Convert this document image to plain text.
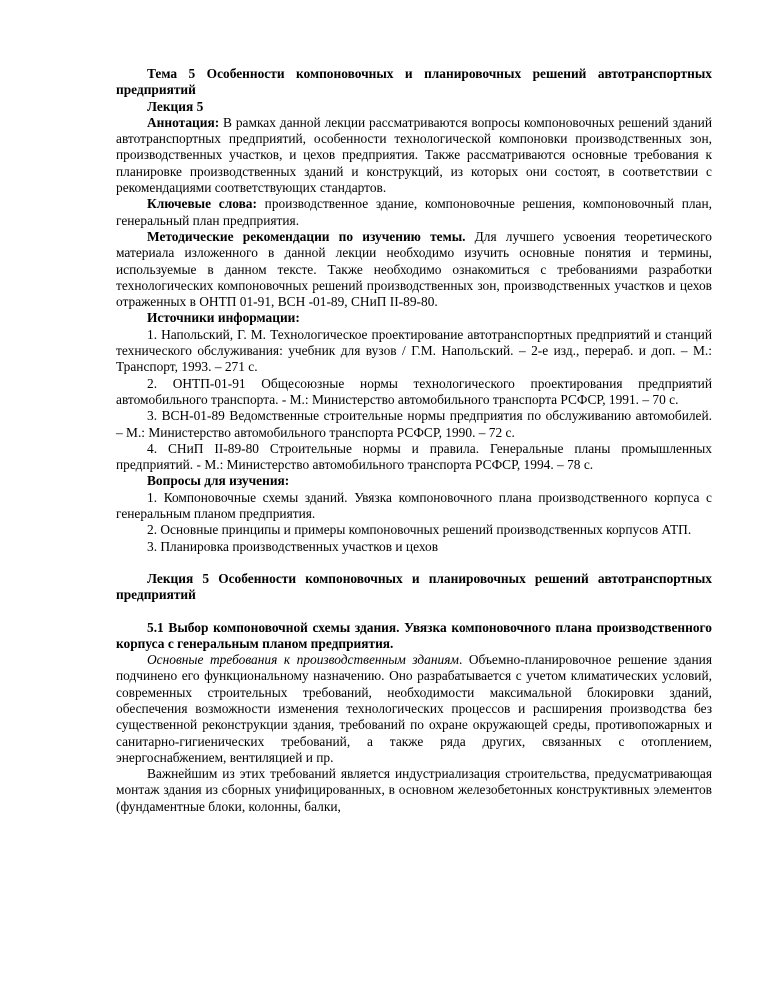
Тема 5 Особенности компоновочных и планировочных решений автотранспортных предприятий

Лекция 5

Аннотация: В рамках данной лекции рассматриваются вопросы компоновочных решений зданий автотранспортных предприятий, особенности технологической компоновки производственных зон, производственных участков, и цехов предприятия. Также рассматриваются основные требования к планировке производственных зданий и конструкций, из которых они состоят, в соответствии с рекомендациями соответствующих стандартов.

Ключевые слова: производственное здание, компоновочные решения, компоновочный план, генеральный план предприятия.

Методические рекомендации по изучению темы. Для лучшего усвоения теоретического материала изложенного в данной лекции необходимо изучить основные понятия и термины, используемые в данном тексте. Также необходимо ознакомиться с требованиями разработки технологических компоновочных решений производственных зон, производственных участков и цехов отраженных в ОНТП 01-91, ВСН -01-89, СНиП II-89-80.

Источники информации:

1. Напольский, Г. М. Технологическое проектирование автотранспортных предприятий и станций технического обслуживания: учебник для вузов / Г.М. Напольский. – 2-е изд., перераб. и доп. – М.: Транспорт, 1993. – 271 с.

2. ОНТП-01-91 Общесоюзные нормы технологического проектирования предприятий автомобильного транспорта. - М.: Министерство автомобильного транспорта РСФСР, 1991. – 70 с.

3. ВСН-01-89 Ведомственные строительные нормы предприятия по обслуживанию автомобилей. – М.: Министерство автомобильного транспорта РСФСР, 1990. – 72 с.

4. СНиП II-89-80 Строительные нормы и правила. Генеральные планы промышленных предприятий. - М.: Министерство автомобильного транспорта РСФСР, 1994. – 78 с.

Вопросы для изучения:

1. Компоновочные схемы зданий. Увязка компоновочного плана производственного корпуса с генеральным планом предприятия.

2. Основные принципы и примеры компоновочных решений производственных корпусов АТП.

3. Планировка производственных участков и цехов

Лекция 5 Особенности компоновочных и планировочных решений автотранспортных предприятий

5.1 Выбор компоновочной схемы здания. Увязка компоновочного плана производственного корпуса с генеральным планом предприятия.

Основные требования к производственным зданиям. Объемно-планировочное решение здания подчинено его функциональному назначению. Оно разрабатывается с учетом климатических условий, современных строительных требований, необходимости максимальной блокировки зданий, обеспечения возможности изменения технологических процессов и расширения производства без существенной реконструкции здания, требований по охране окружающей среды, противопожарных и санитарно-гигиенических требований, а также ряда других, связанных с отоплением, энергоснабжением, вентиляцией и пр.

Важнейшим из этих требований является индустриализация строительства, предусматривающая монтаж здания из сборных унифицированных, в основном железобетонных конструктивных элементов (фундаментные блоки, колонны, балки,
